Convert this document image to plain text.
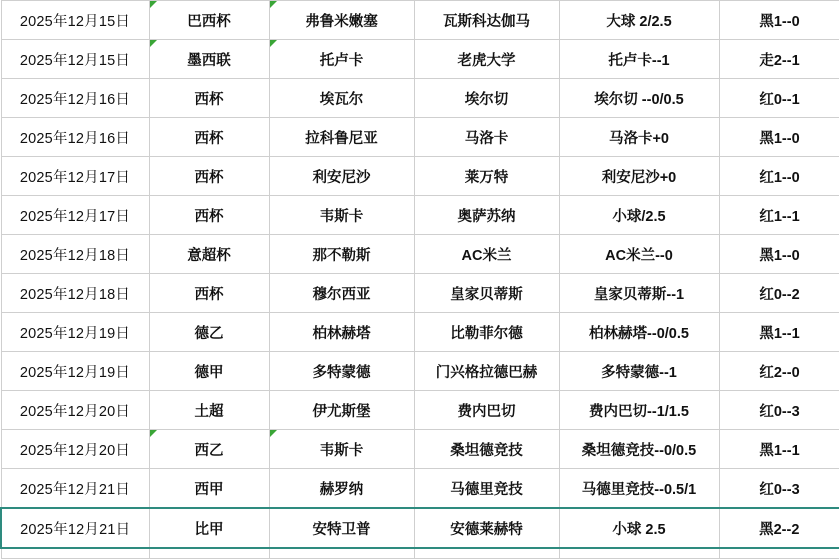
2025年12月15日	巴西杯	弗鲁米嫩塞	瓦斯科达伽马	大球 2/2.5	黑1--0
2025年12月15日	墨西联	托卢卡	老虎大学	托卢卡--1	走2--1
2025年12月16日	西杯	埃瓦尔	埃尔切	埃尔切 --0/0.5	红0--1
2025年12月16日	西杯	拉科鲁尼亚	马洛卡	马洛卡+0	黑1--0
2025年12月17日	西杯	利安尼沙	莱万特	利安尼沙+0	红1--0
2025年12月17日	西杯	韦斯卡	奥萨苏纳	小球/2.5	红1--1
2025年12月18日	意超杯	那不勒斯	AC米兰	AC米兰--0	黑1--0
2025年12月18日	西杯	穆尔西亚	皇家贝蒂斯	皇家贝蒂斯--1	红0--2
2025年12月19日	德乙	柏林赫塔	比勒菲尔德	柏林赫塔--0/0.5	黑1--1
2025年12月19日	德甲	多特蒙德	门兴格拉德巴赫	多特蒙德--1	红2--0
2025年12月20日	土超	伊尤斯堡	费内巴切	费内巴切--1/1.5	红0--3
2025年12月20日	西乙	韦斯卡	桑坦德竞技	桑坦德竞技--0/0.5	黑1--1
2025年12月21日	西甲	赫罗纳	马德里竞技	马德里竞技--0.5/1	红0--3
2025年12月21日	比甲	安特卫普	安德莱赫特	小球 2.5	黑2--2
